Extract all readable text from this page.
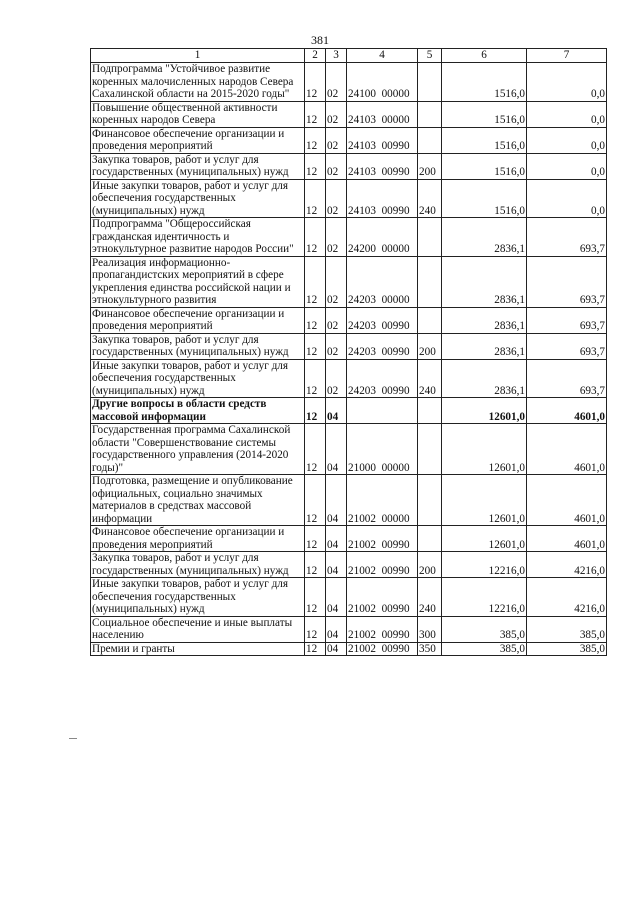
381
1	2	3	4	5	6	7
Подпрограмма "Устойчивое развитие коренных малочисленных народов Севера Сахалинской области на 2015-2020 годы"	12	02	24100  00000		1516,0	0,0
Повышение общественной активности коренных народов Севера	12	02	24103  00000		1516,0	0,0
Финансовое обеспечение организации и проведения мероприятий	12	02	24103  00990		1516,0	0,0
Закупка товаров, работ и услуг для государственных (муниципальных) нужд	12	02	24103  00990	200	1516,0	0,0
Иные закупки товаров, работ и услуг для обеспечения государственных (муниципальных) нужд	12	02	24103  00990	240	1516,0	0,0
Подпрограмма "Общероссийская гражданская идентичность и этнокультурное развитие народов России"	12	02	24200  00000		2836,1	693,7
Реализация информационно-пропагандистских мероприятий в сфере укрепления единства российской нации и этнокультурного развития	12	02	24203  00000		2836,1	693,7
Финансовое обеспечение организации и проведения мероприятий	12	02	24203  00990		2836,1	693,7
Закупка товаров, работ и услуг для государственных (муниципальных) нужд	12	02	24203  00990	200	2836,1	693,7
Иные закупки товаров, работ и услуг для обеспечения государственных (муниципальных) нужд	12	02	24203  00990	240	2836,1	693,7
Другие вопросы в области средств массовой информации	12	04			12601,0	4601,0
Государственная программа Сахалинской области "Совершенствование системы государственного управления (2014-2020 годы)"	12	04	21000  00000		12601,0	4601,0
Подготовка, размещение и опубликование официальных, социально значимых материалов в средствах массовой информации	12	04	21002  00000		12601,0	4601,0
Финансовое обеспечение организации и проведения мероприятий	12	04	21002  00990		12601,0	4601,0
Закупка товаров, работ и услуг для государственных (муниципальных) нужд	12	04	21002  00990	200	12216,0	4216,0
Иные закупки товаров, работ и услуг для обеспечения государственных (муниципальных) нужд	12	04	21002  00990	240	12216,0	4216,0
Социальное обеспечение и иные выплаты населению	12	04	21002  00990	300	385,0	385,0
Премии и гранты	12	04	21002  00990	350	385,0	385,0
